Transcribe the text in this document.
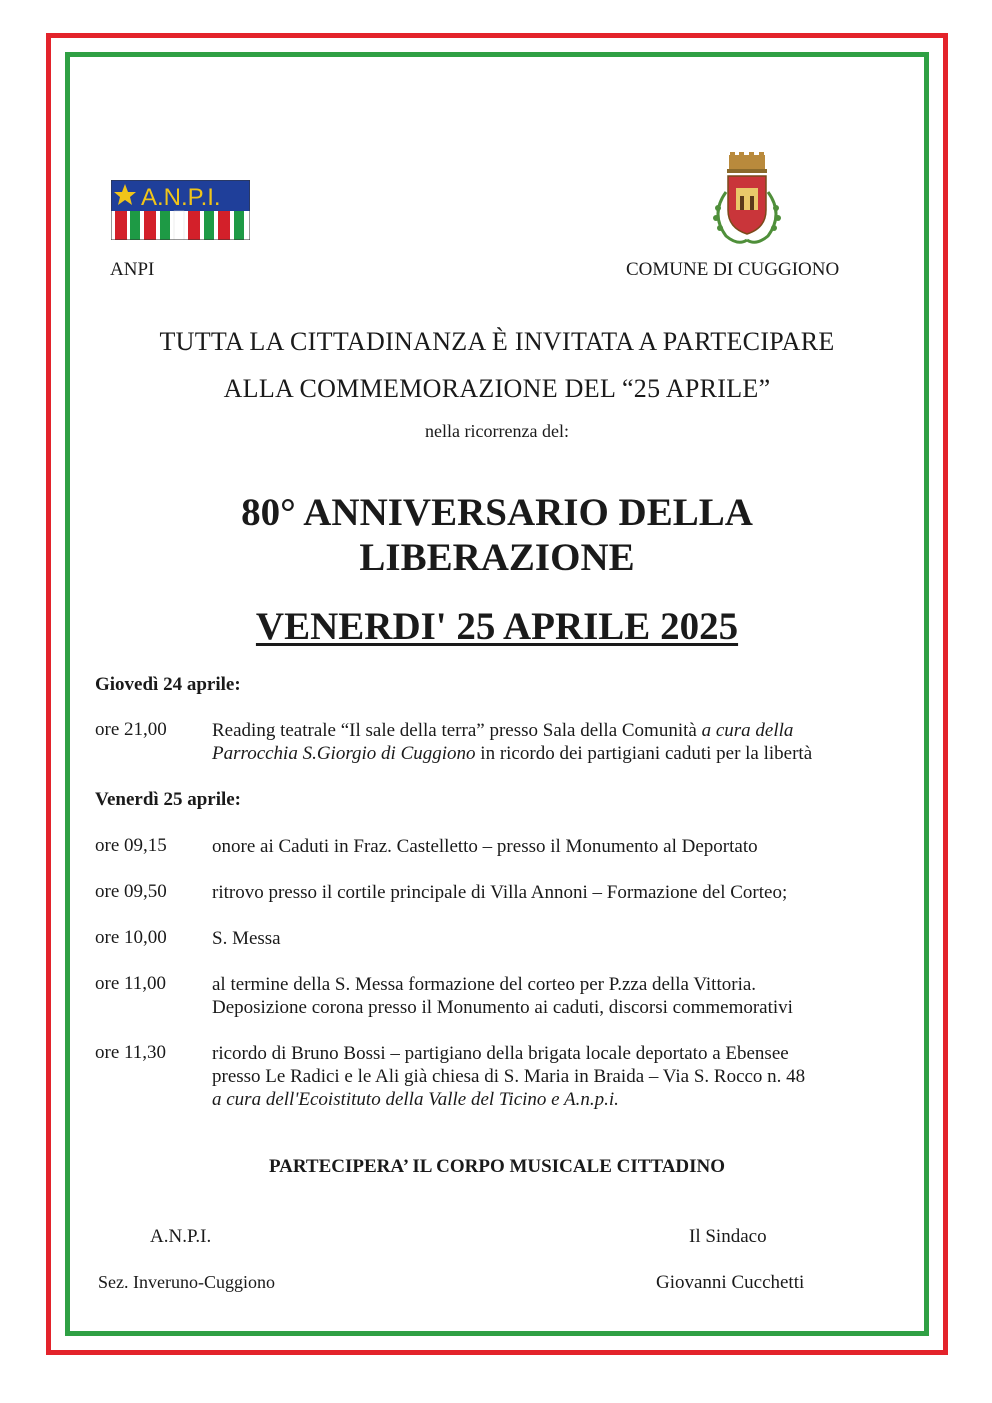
A.N.P.I.
ANPI	COMUNE DI CUGGIONO
TUTTA LA CITTADINANZA È INVITATA A PARTECIPARE
ALLA COMMEMORAZIONE DEL “25 APRILE”
nella ricorrenza del:
80° ANNIVERSARIO DELLA
LIBERAZIONE
VENERDI' 25 APRILE 2025
Giovedì 24 aprile:
ore 21,00 Reading teatrale “Il sale della terra” presso Sala della Comunità a cura della
Parrocchia S.Giorgio di Cuggiono in ricordo dei partigiani caduti per la libertà
Venerdì 25 aprile:
ore 09,15 onore ai Caduti in Fraz. Castelletto – presso il Monumento al Deportato
ore 09,50 ritrovo presso il cortile principale di Villa Annoni – Formazione del Corteo;
ore 10,00 S. Messa
ore 11,00 al termine della S. Messa formazione del corteo per P.zza della Vittoria.
Deposizione corona presso il Monumento ai caduti, discorsi commemorativi
ore 11,30 ricordo di Bruno Bossi – partigiano della brigata locale deportato a Ebensee
presso Le Radici e le Ali già chiesa di S. Maria in Braida – Via S. Rocco n. 48
a cura dell'Ecoistituto della Valle del Ticino e A.n.p.i.
PARTECIPERA’ IL CORPO MUSICALE CITTADINO
A.N.P.I.
Sez. Inveruno-Cuggiono
Il Sindaco
Giovanni Cucchetti
